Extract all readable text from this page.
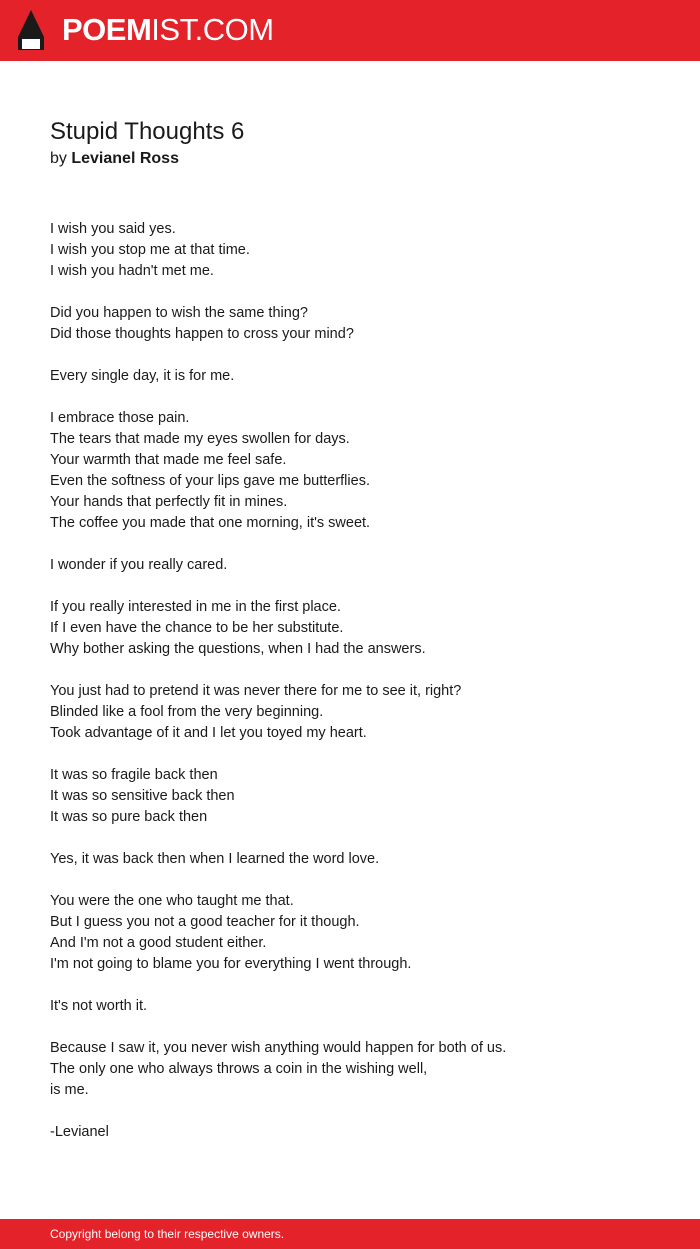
POEMIST.COM
Stupid Thoughts 6
by Levianel Ross
I wish you said yes.
I wish you stop me at that time.
I wish you hadn't met me.
Did you happen to wish the same thing?
Did those thoughts happen to cross your mind?
Every single day, it is for me.
I embrace those pain.
The tears that made my eyes swollen for days.
Your warmth that made me feel safe.
Even the softness of your lips gave me butterflies.
Your hands that perfectly fit in mines.
The coffee you made that one morning, it's sweet.
I wonder if you really cared.
If you really interested in me in the first place.
If I even have the chance to be her substitute.
Why bother asking the questions, when I had the answers.
You just had to pretend it was never there for me to see it, right?
Blinded like a fool from the very beginning.
Took advantage of it and I let you toyed my heart.
It was so fragile back then
It was so sensitive back then
It was so pure back then
Yes, it was back then when I learned the word love.
You were the one who taught me that.
But I guess you not a good teacher for it though.
And I'm not a good student either.
I'm not going to blame you for everything I went through.
It's not worth it.
Because I saw it, you never wish anything would happen for both of us.
The only one who always throws a coin in the wishing well,
is me.
-Levianel
Copyright belong to their respective owners.
